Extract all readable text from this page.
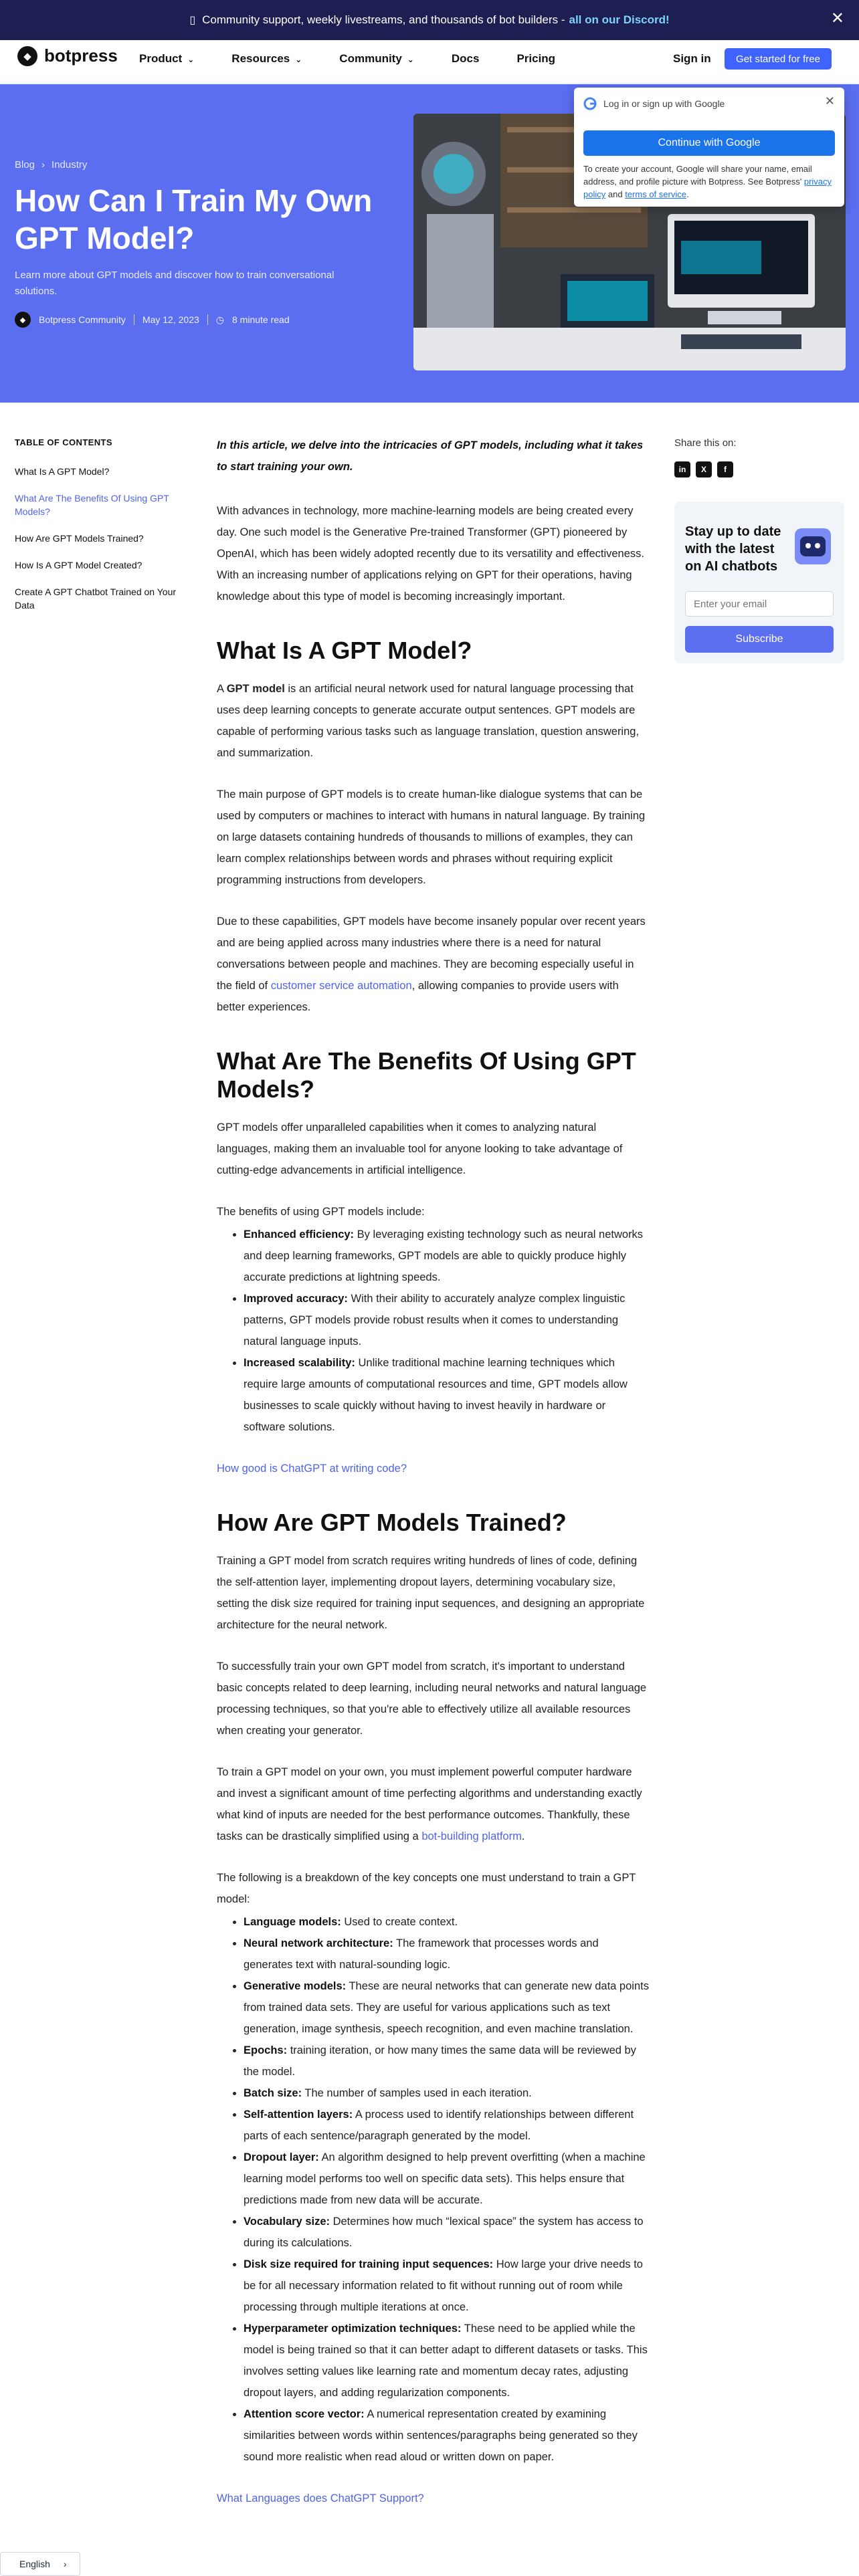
▯ Community support, weekly livestreams, and thousands of bot builders - all on our Discord!	✕
◆ botpress Product ⌄	Resources ⌄	Community ⌄	Docs	Pricing	Sign in	Get started for free
Blog › Industry
How Can I Train My Own GPT Model?

Learn more about GPT models and discover how to train conversational solutions.

◆	Botpress Community May 12, 2023 ◷ 8 minute read
Log in or sign up with Google	✕
Continue with Google
To create your account, Google will share your name, email address, and profile picture with Botpress. See Botpress' privacy policy and terms of service.
TABLE OF CONTENTS
What Is A GPT Model?
What Are The Benefits Of Using GPT Models?
How Are GPT Models Trained?
How Is A GPT Model Created?
Create A GPT Chatbot Trained on Your Data
Share this on:
in	X	f
Stay up to date with the latest on AI chatbots
Enter your email
Subscribe

In this article, we delve into the intricacies of GPT models, including what it takes to start training your own.

With advances in technology, more machine-learning models are being created every day. One such model is the Generative Pre-trained Transformer (GPT) pioneered by OpenAI, which has been widely adopted recently due to its versatility and effectiveness. With an increasing number of applications relying on GPT for their operations, having knowledge about this type of model is becoming increasingly important.

What Is A GPT Model?

A GPT model is an artificial neural network used for natural language processing that uses deep learning concepts to generate accurate output sentences. GPT models are capable of performing various tasks such as language translation, question answering, and summarization.

The main purpose of GPT models is to create human-like dialogue systems that can be used by computers or machines to interact with humans in natural language. By training on large datasets containing hundreds of thousands to millions of examples, they can learn complex relationships between words and phrases without requiring explicit programming instructions from developers.

Due to these capabilities, GPT models have become insanely popular over recent years and are being applied across many industries where there is a need for natural conversations between people and machines. They are becoming especially useful in the field of customer service automation, allowing companies to provide users with better experiences.

What Are The Benefits Of Using GPT Models?

GPT models offer unparalleled capabilities when it comes to analyzing natural languages, making them an invaluable tool for anyone looking to take advantage of cutting-edge advancements in artificial intelligence.

The benefits of using GPT models include:

• Enhanced efficiency: By leveraging existing technology such as neural networks and deep learning frameworks, GPT models are able to quickly produce highly accurate predictions at lightning speeds.
• Improved accuracy: With their ability to accurately analyze complex linguistic patterns, GPT models provide robust results when it comes to understanding natural language inputs.
• Increased scalability: Unlike traditional machine learning techniques which require large amounts of computational resources and time, GPT models allow businesses to scale quickly without having to invest heavily in hardware or software solutions.

How good is ChatGPT at writing code?

How Are GPT Models Trained?

Training a GPT model from scratch requires writing hundreds of lines of code, defining the self-attention layer, implementing dropout layers, determining vocabulary size, setting the disk size required for training input sequences, and designing an appropriate architecture for the neural network.

To successfully train your own GPT model from scratch, it's important to understand basic concepts related to deep learning, including neural networks and natural language processing techniques, so that you're able to effectively utilize all available resources when creating your generator.

To train a GPT model on your own, you must implement powerful computer hardware and invest a significant amount of time perfecting algorithms and understanding exactly what kind of inputs are needed for the best performance outcomes. Thankfully, these tasks can be drastically simplified using a bot-building platform.

The following is a breakdown of the key concepts one must understand to train a GPT model:

• Language models: Used to create context.
• Neural network architecture: The framework that processes words and generates text with natural-sounding logic.
• Generative models: These are neural networks that can generate new data points from trained data sets. They are useful for various applications such as text generation, image synthesis, speech recognition, and even machine translation.
• Epochs: training iteration, or how many times the same data will be reviewed by the model.
• Batch size: The number of samples used in each iteration.
• Self-attention layers: A process used to identify relationships between different parts of each sentence/paragraph generated by the model.
• Dropout layer: An algorithm designed to help prevent overfitting (when a machine learning model performs too well on specific data sets). This helps ensure that predictions made from new data will be accurate.
• Vocabulary size: Determines how much “lexical space” the system has access to during its calculations.
• Disk size required for training input sequences: How large your drive needs to be for all necessary information related to fit without running out of room while processing through multiple iterations at once.
• Hyperparameter optimization techniques: These need to be applied while the model is being trained so that it can better adapt to different datasets or tasks. This involves setting values like learning rate and momentum decay rates, adjusting dropout layers, and adding regularization components.
• Attention score vector: A numerical representation created by examining similarities between words within sentences/paragraphs being generated so they sound more realistic when read aloud or written down on paper.

What Languages does ChatGPT Support?

English ›
